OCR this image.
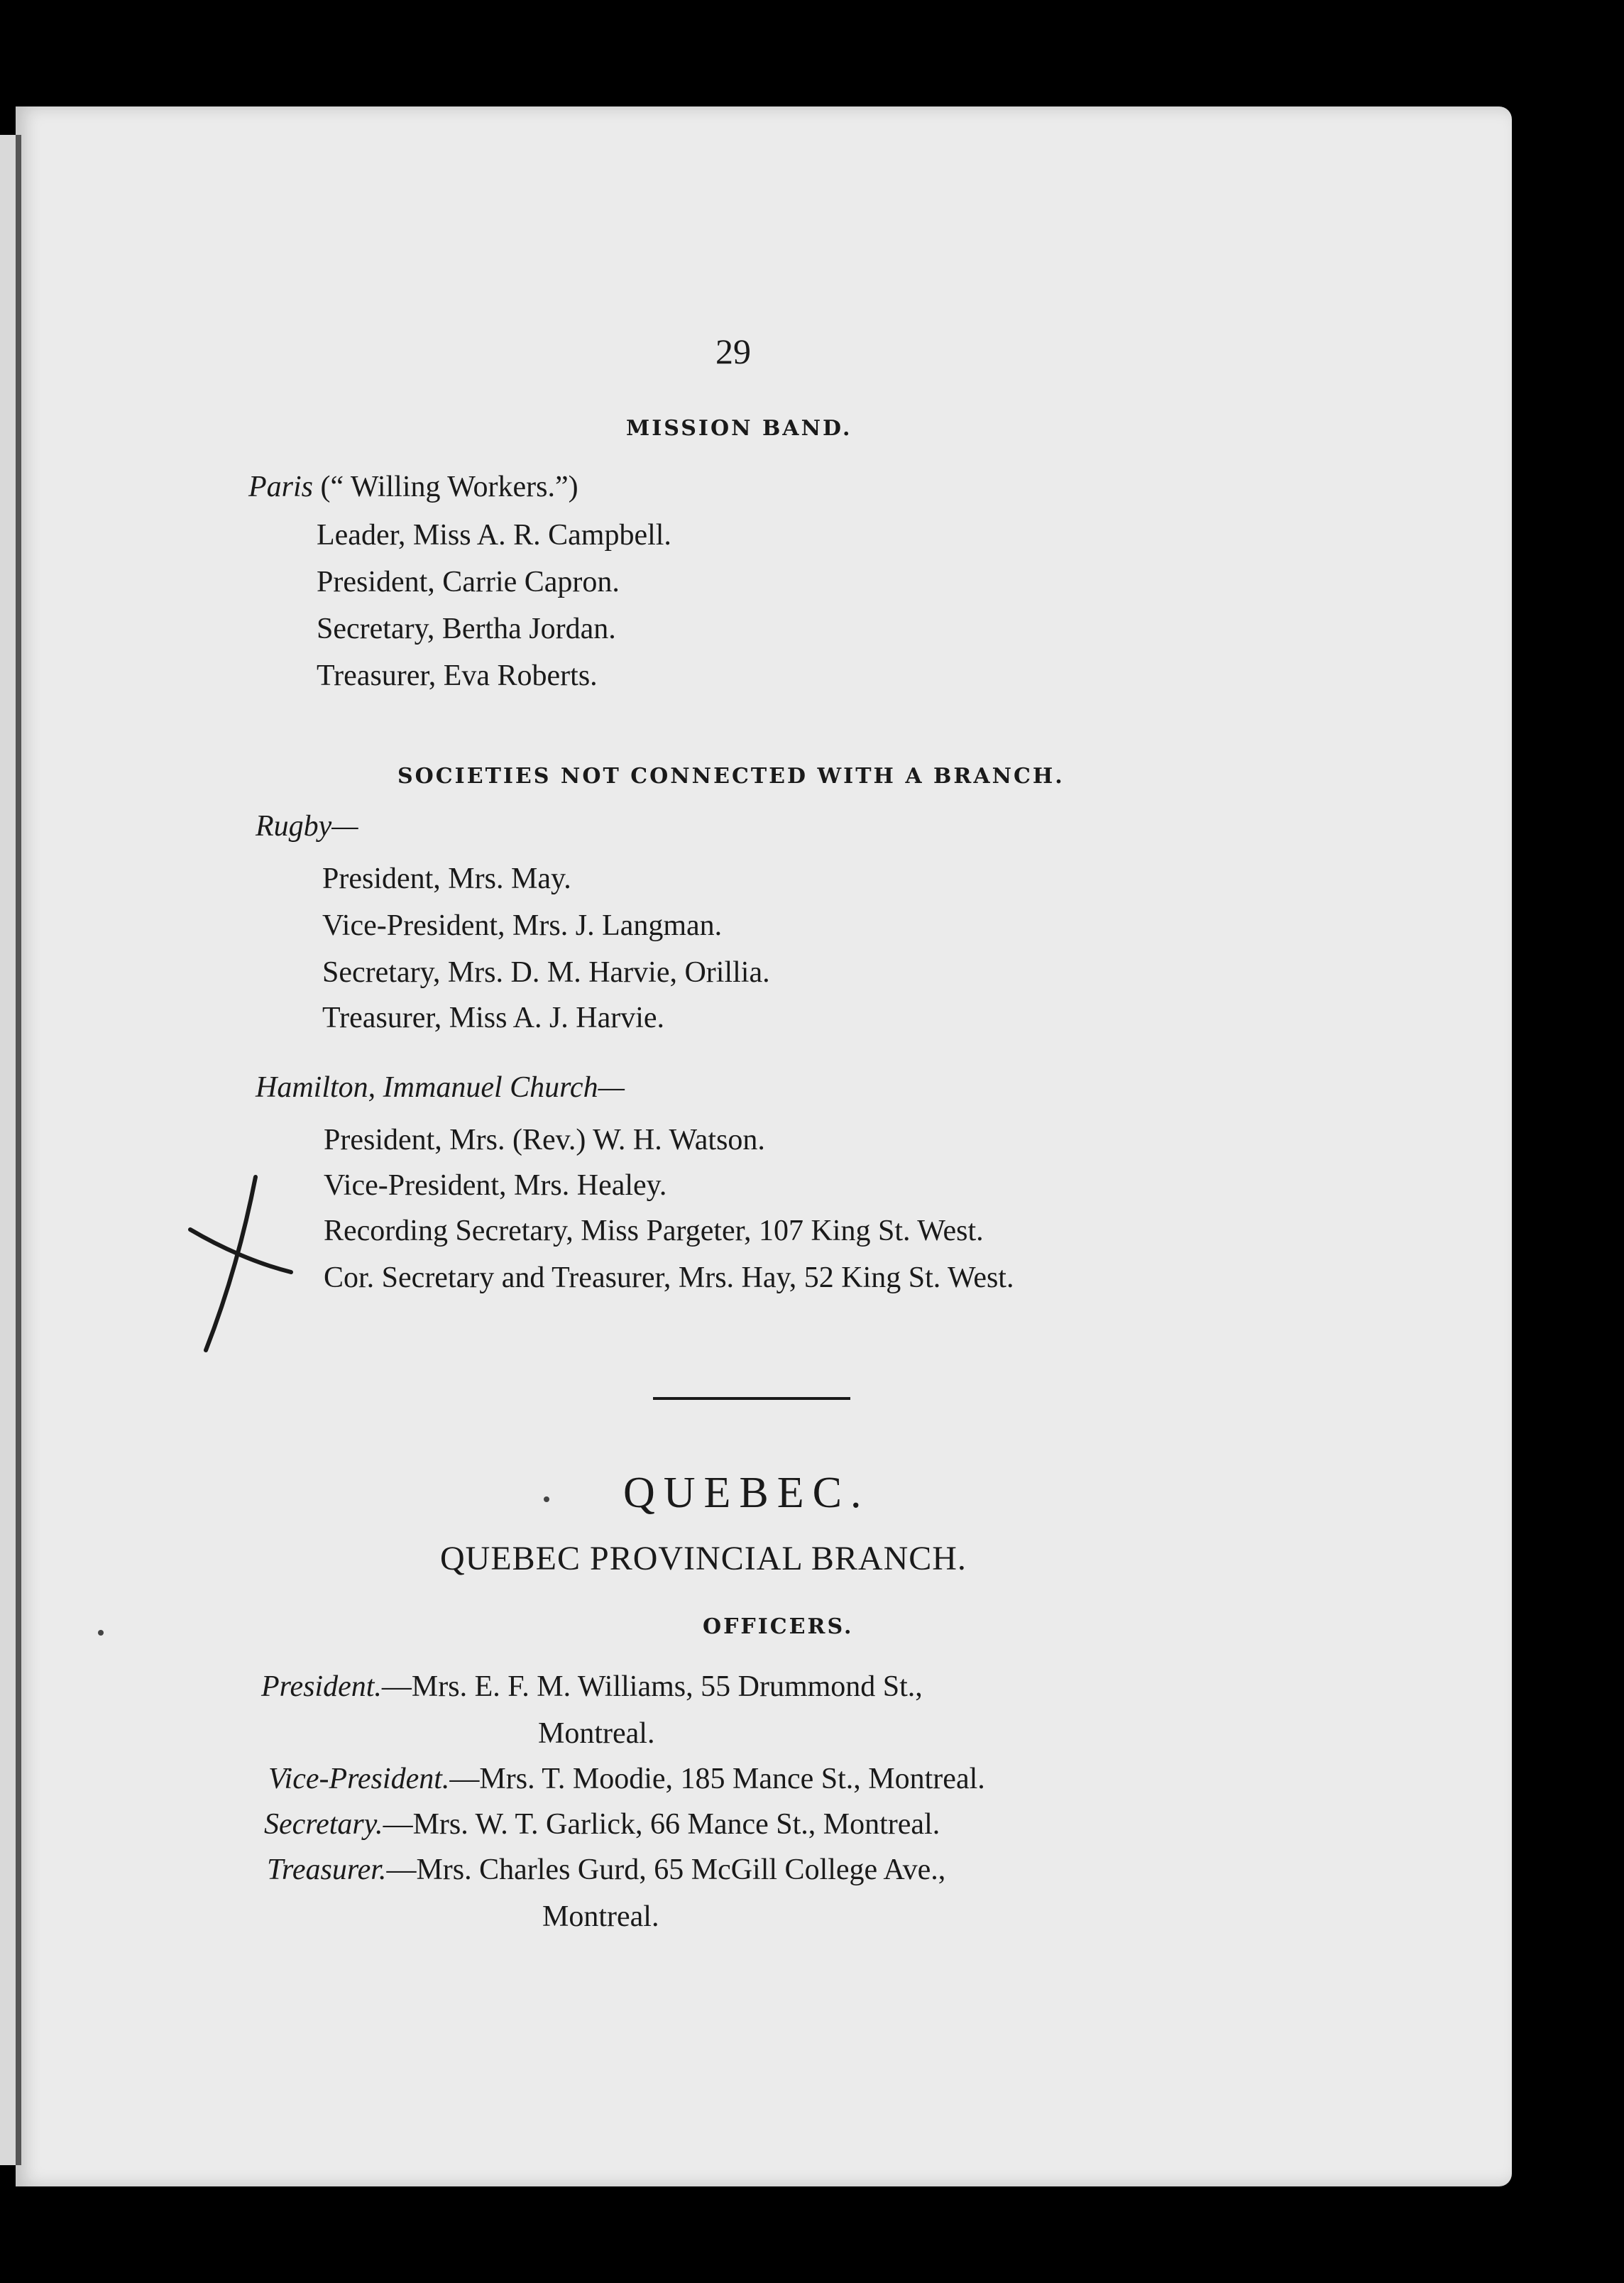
29
MISSION BAND.
Paris (“ Willing Workers.”)
Leader, Miss A. R. Campbell.
President, Carrie Capron.
Secretary, Bertha Jordan.
Treasurer, Eva Roberts.
SOCIETIES NOT CONNECTED WITH A BRANCH.
Rugby—
President, Mrs. May.
Vice-President, Mrs. J. Langman.
Secretary, Mrs. D. M. Harvie, Orillia.
Treasurer, Miss A. J. Harvie.
Hamilton, Immanuel Church—
President, Mrs. (Rev.) W. H. Watson.
Vice-President, Mrs. Healey.
Recording Secretary, Miss Pargeter, 107 King St. West.
Cor. Secretary and Treasurer, Mrs. Hay, 52 King St. West.
QUEBEC.
QUEBEC PROVINCIAL BRANCH.
OFFICERS.
President.—Mrs. E. F. M. Williams, 55 Drummond St.,
Montreal.
Vice-President.—Mrs. T. Moodie, 185 Mance St., Montreal.
Secretary.—Mrs. W. T. Garlick, 66 Mance St., Montreal.
Treasurer.—Mrs. Charles Gurd, 65 McGill College Ave.,
Montreal.
